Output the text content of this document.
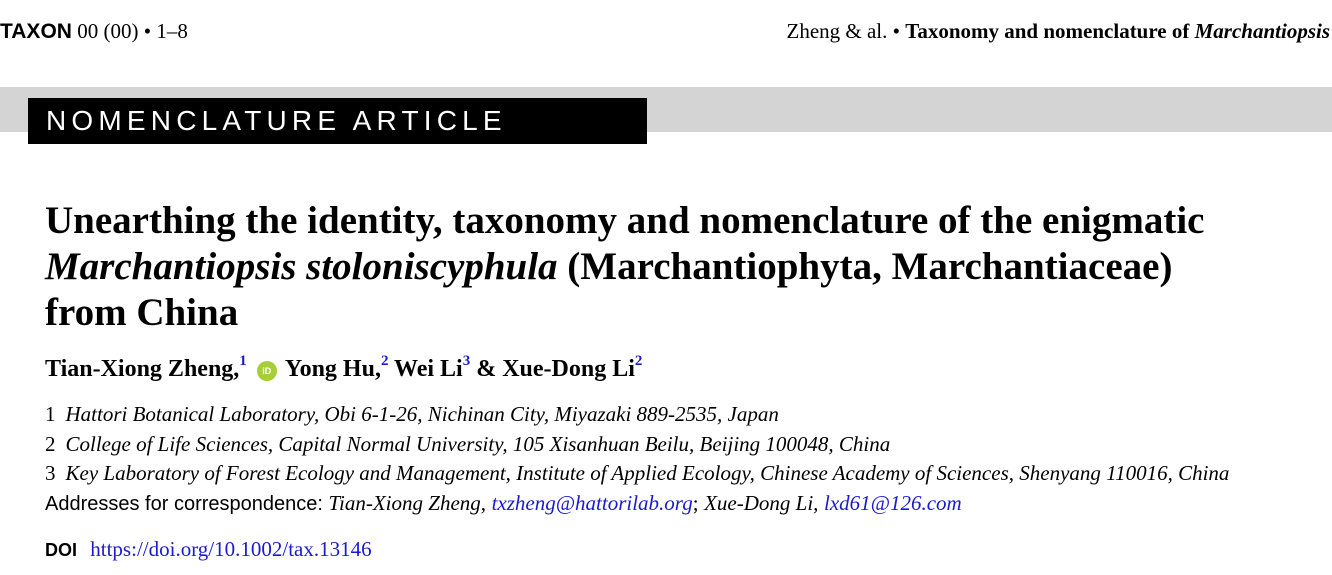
TAXON 00 (00) • 1–8	Zheng & al. • Taxonomy and nomenclature of Marchantiopsis
NOMENCLATURE ARTICLE
Unearthing the identity, taxonomy and nomenclature of the enigmatic
Marchantiopsis stoloniscyphula (Marchantiophyta, Marchantiaceae)
from China
Tian-Xiong Zheng,$^1$ iD Yong Hu,$^2$ Wei Li$^3$ & Xue-Dong Li$^2$
1 Hattori Botanical Laboratory, Obi 6-1-26, Nichinan City, Miyazaki 889-2535, Japan
2 College of Life Sciences, Capital Normal University, 105 Xisanhuan Beilu, Beijing 100048, China
3 Key Laboratory of Forest Ecology and Management, Institute of Applied Ecology, Chinese Academy of Sciences, Shenyang 110016, China
Addresses for correspondence: Tian-Xiong Zheng, txzheng@hattorilab.org; Xue-Dong Li, lxd61@126.com
DOI https://doi.org/10.1002/tax.13146
